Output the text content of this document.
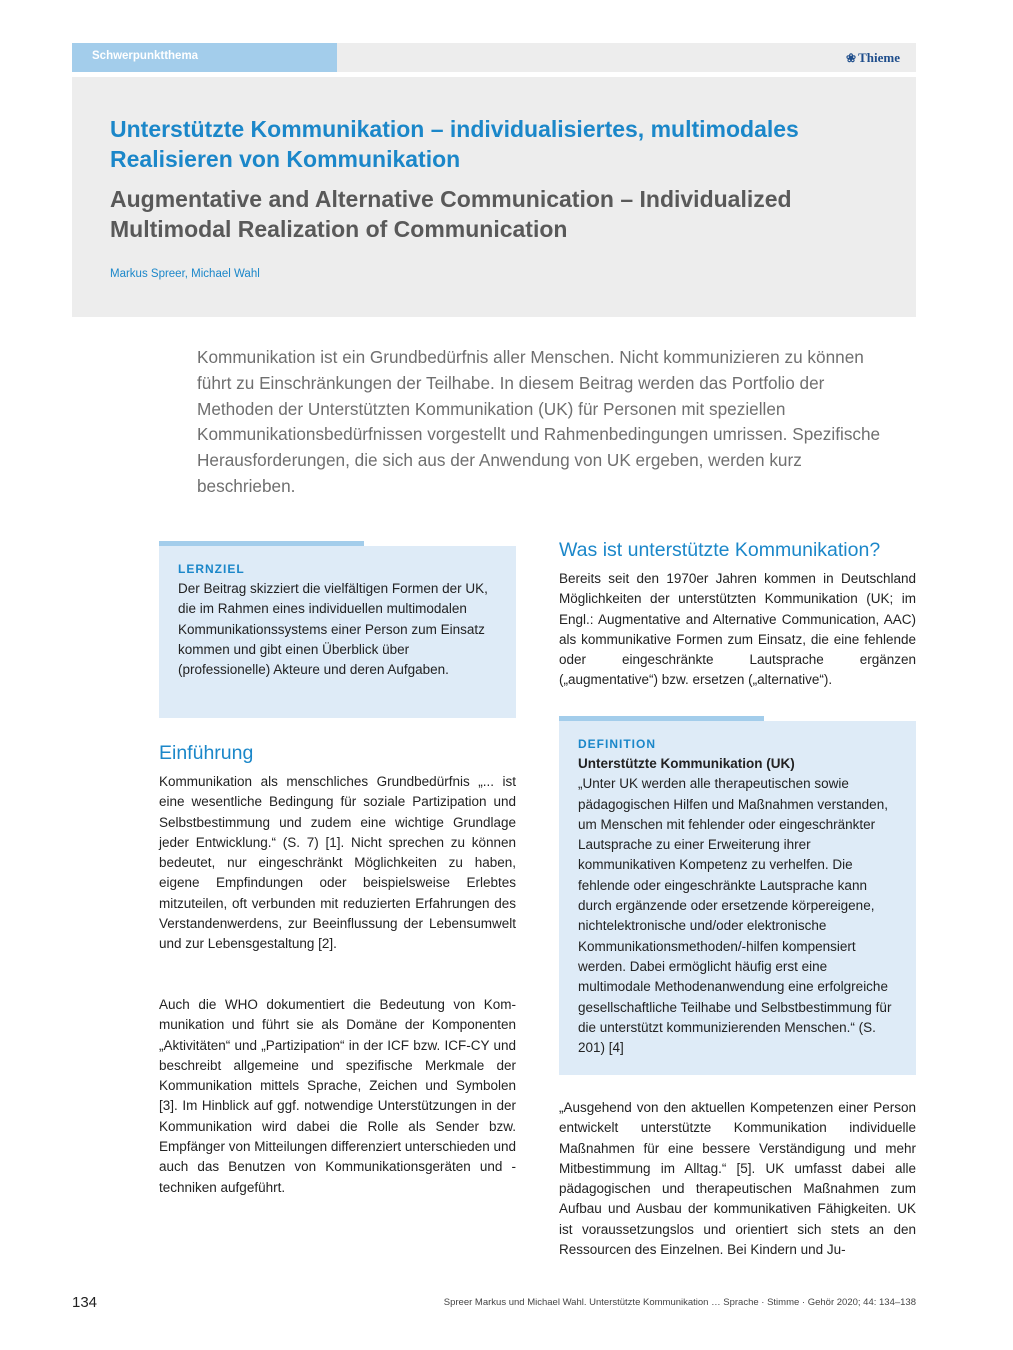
Schwerpunktthema	❀ Thieme
Unterstützte Kommunikation – individualisiertes, multimodales Realisieren von Kommunikation
Augmentative and Alternative Communication – Individualized Multimodal Realization of Communication
Markus Spreer, Michael Wahl
Kommunikation ist ein Grundbedürfnis aller Menschen. Nicht kommunizieren zu können führt zu Einschränkungen der Teilhabe. In diesem Beitrag werden das Portfolio der Methoden der Unterstützten Kommunikation (UK) für Personen mit speziellen Kommunikationsbedürfnissen vorgestellt und Rahmenbedingungen umrissen. Spezifische Herausforderungen, die sich aus der Anwendung von UK ergeben, werden kurz beschrieben.
LERNZIEL
Der Beitrag skizziert die vielfältigen Formen der UK, die im Rahmen eines individuellen multimodalen Kommunikationssystems einer Person zum Einsatz kommen und gibt einen Überblick über (professionelle) Akteure und deren Aufgaben.
Einführung
Kommunikation als menschliches Grundbedürfnis „... ist eine wesentliche Bedingung für soziale Partizipation und Selbstbestimmung und zudem eine wichtige Grundlage jeder Entwicklung.“ (S. 7) [1]. Nicht sprechen zu können bedeutet, nur eingeschränkt Möglichkeiten zu haben, eigene Empfindungen oder beispielsweise Erlebtes mitzuteilen, oft verbunden mit reduzierten Erfahrungen des Verstandenwerdens, zur Beeinflussung der Lebensumwelt und zur Lebensgestaltung [2].
Auch die WHO dokumentiert die Bedeutung von Kommunikation und führt sie als Domäne der Komponenten „Aktivitäten“ und „Partizipation“ in der ICF bzw. ICF-CY und beschreibt allgemeine und spezifische Merkmale der Kommunikation mittels Sprache, Zeichen und Symbolen [3]. Im Hinblick auf ggf. notwendige Unterstützungen in der Kommunikation wird dabei die Rolle als Sender bzw. Empfänger von Mitteilungen differenziert unterschieden und auch das Benutzen von Kommunikationsgeräten und -techniken aufgeführt.
Was ist unterstützte Kommunikation?
Bereits seit den 1970er Jahren kommen in Deutschland Möglichkeiten der unterstützten Kommunikation (UK; im Engl.: Augmentative and Alternative Communication, AAC) als kommunikative Formen zum Einsatz, die eine fehlende oder eingeschränkte Lautsprache ergänzen („augmentative“) bzw. ersetzen („alternative“).
DEFINITION
Unterstützte Kommunikation (UK)
„Unter UK werden alle therapeutischen sowie pädagogischen Hilfen und Maßnahmen verstanden, um Menschen mit fehlender oder eingeschränkter Lautsprache zu einer Erweiterung ihrer kommunikativen Kompetenz zu verhelfen. Die fehlende oder eingeschränkte Lautsprache kann durch ergänzende oder ersetzende körpereigene, nichtelektronische und/oder elektronische Kommunikationsmethoden/-hilfen kompensiert werden. Dabei ermöglicht häufig erst eine multimodale Methodenanwendung eine erfolgreiche gesellschaftliche Teilhabe und Selbstbestimmung für die unterstützt kommunizierenden Menschen.“ (S. 201) [4]
„Ausgehend von den aktuellen Kompetenzen einer Person entwickelt unterstützte Kommunikation individuelle Maßnahmen für eine bessere Verständigung und mehr Mitbestimmung im Alltag.“ [5]. UK umfasst dabei alle pädagogischen und therapeutischen Maßnahmen zum Aufbau und Ausbau der kommunikativen Fähigkeiten. UK ist voraussetzungslos und orientiert sich stets an den Ressourcen des Einzelnen. Bei Kindern und Ju-
134	Spreer Markus und Michael Wahl. Unterstützte Kommunikation … Sprache · Stimme · Gehör 2020; 44: 134–138
